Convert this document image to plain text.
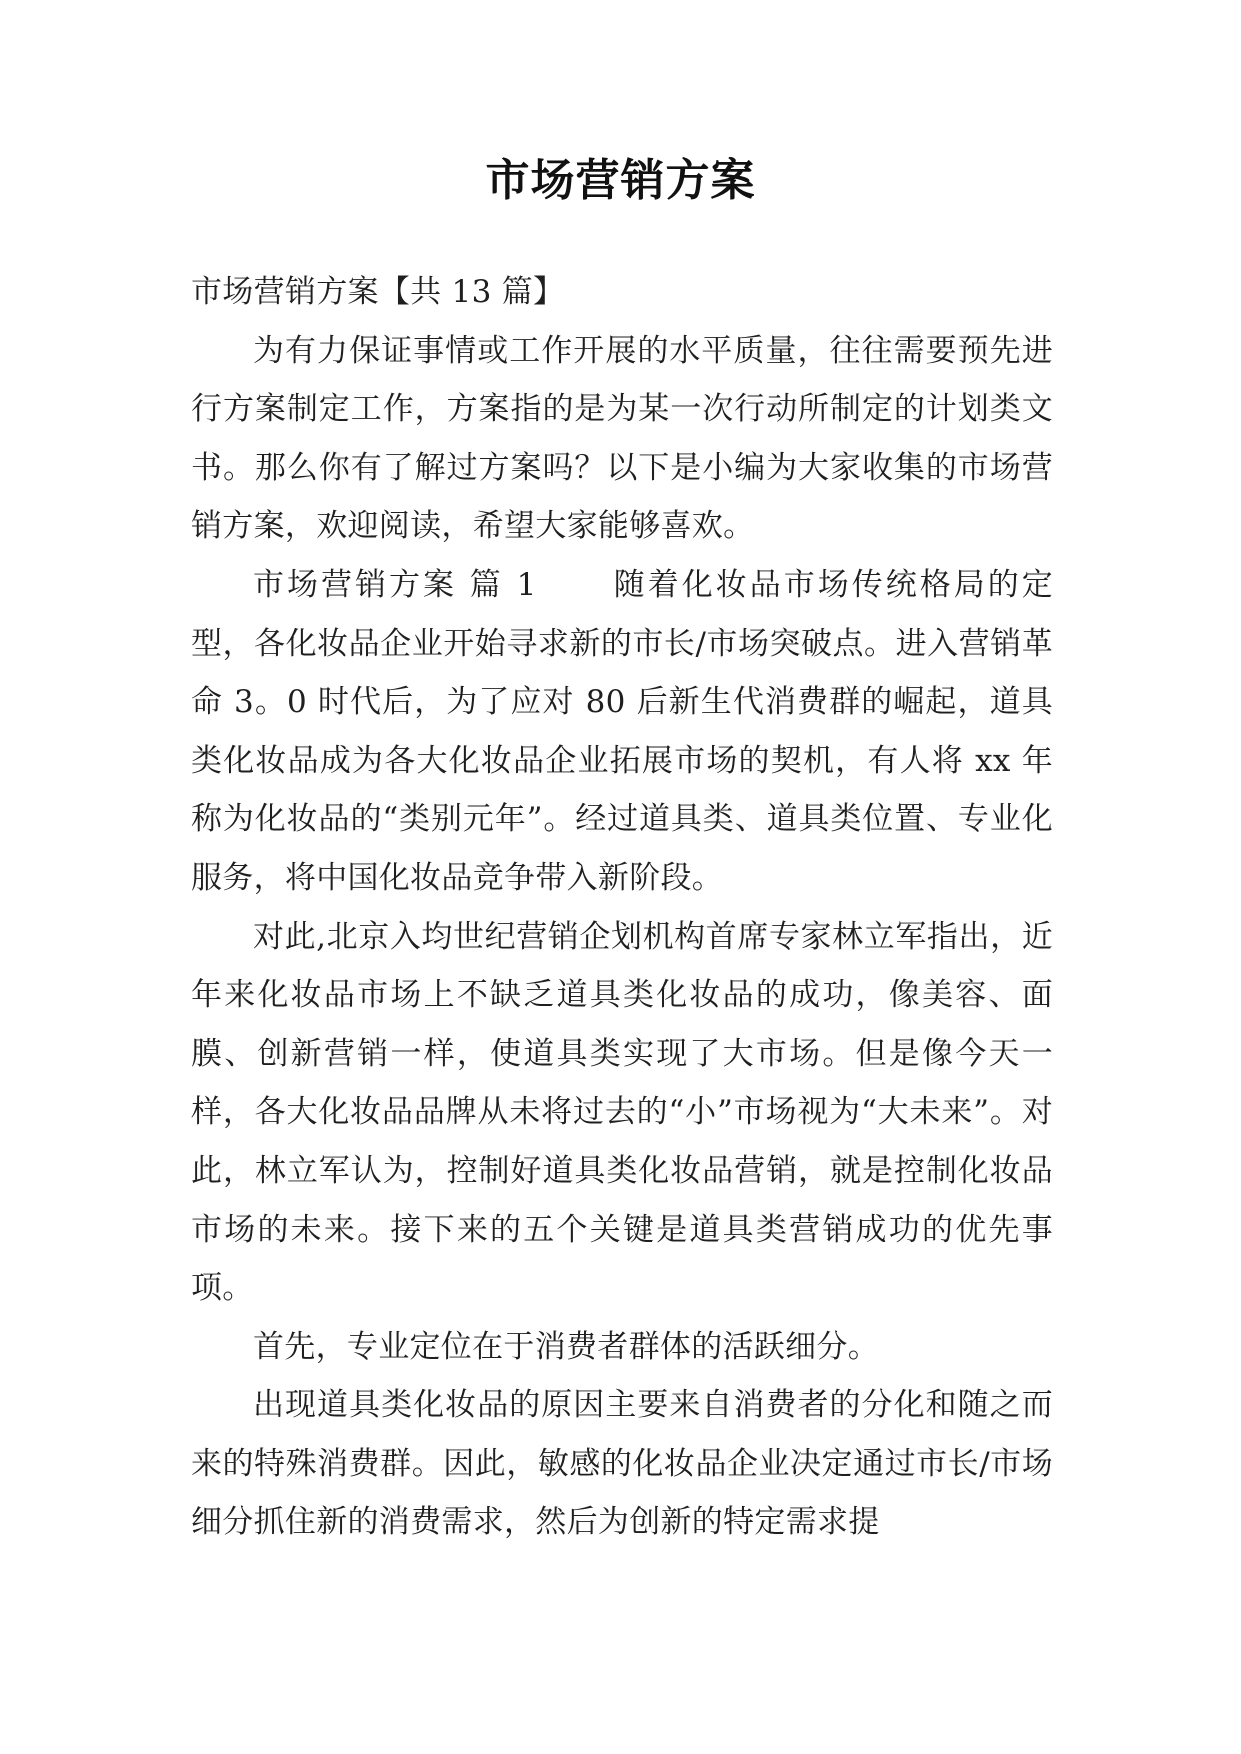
市场营销方案

市场营销方案【共 13 篇】

为有力保证事情或工作开展的水平质量，往往需要预先进行方案制定工作，方案指的是为某一次行动所制定的计划类文书。那么你有了解过方案吗？以下是小编为大家收集的市场营销方案，欢迎阅读，希望大家能够喜欢。

市场营销方案 篇 1 随着化妆品市场传统格局的定型，各化妆品企业开始寻求新的市长/市场突破点。进入营销革命 3。0 时代后，为了应对 80 后新生代消费群的崛起，道具类化妆品成为各大化妆品企业拓展市场的契机，有人将 xx 年称为化妆品的“类别元年”。经过道具类、道具类位置、专业化服务，将中国化妆品竞争带入新阶段。

对此,北京入均世纪营销企划机构首席专家林立军指出，近年来化妆品市场上不缺乏道具类化妆品的成功，像美容、面膜、创新营销一样，使道具类实现了大市场。但是像今天一样，各大化妆品品牌从未将过去的“小”市场视为“大未来”。对此，林立军认为，控制好道具类化妆品营销，就是控制化妆品市场的未来。接下来的五个关键是道具类营销成功的优先事项。

首先，专业定位在于消费者群体的活跃细分。

出现道具类化妆品的原因主要来自消费者的分化和随之而来的特殊消费群。因此，敏感的化妆品企业决定通过市长/市场细分抓住新的消费需求，然后为创新的特定需求提
